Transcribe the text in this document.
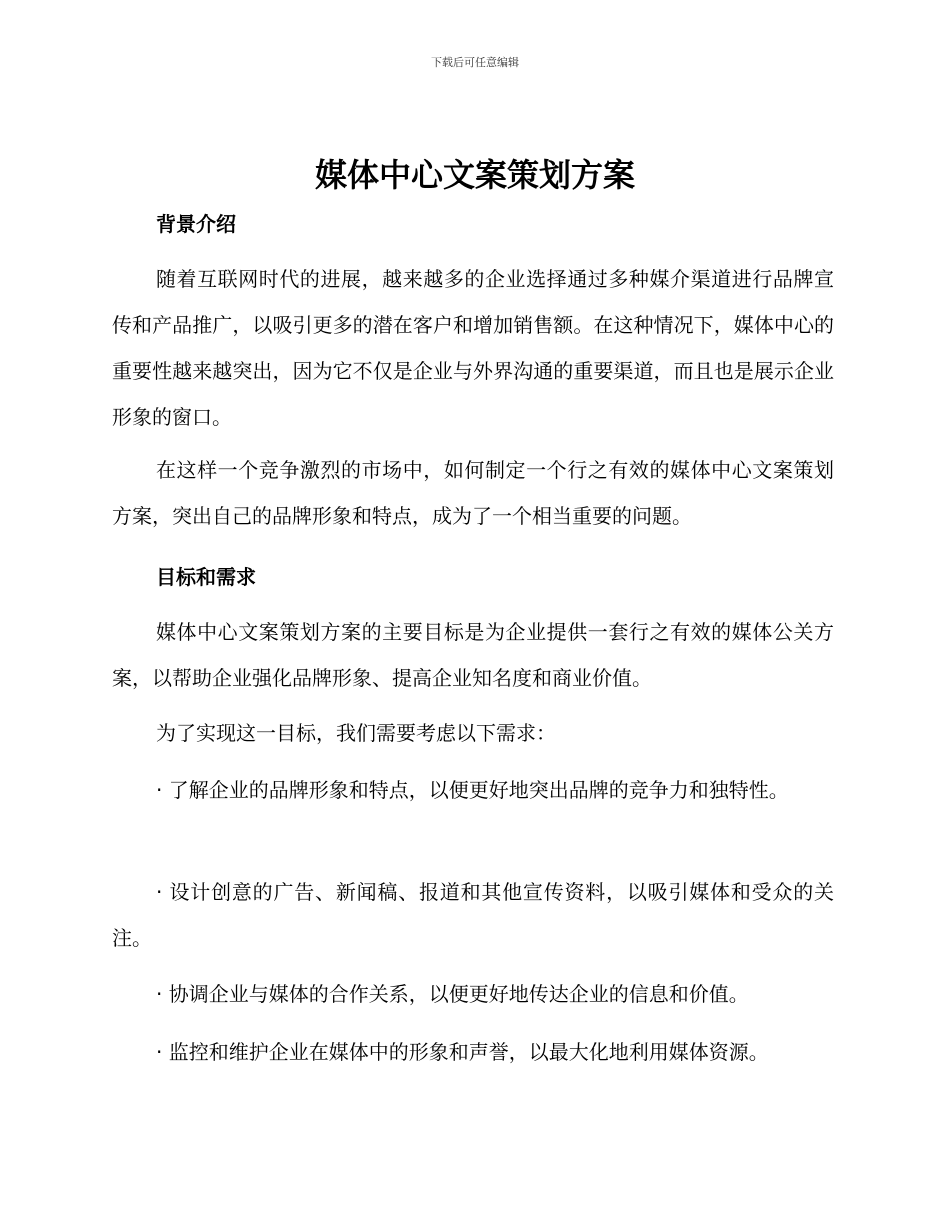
下载后可任意编辑
媒体中心文案策划方案
背景介绍
随着互联网时代的进展，越来越多的企业选择通过多种媒介渠道进行品牌宣传和产品推广，以吸引更多的潜在客户和增加销售额。在这种情况下，媒体中心的重要性越来越突出，因为它不仅是企业与外界沟通的重要渠道，而且也是展示企业形象的窗口。
在这样一个竞争激烈的市场中，如何制定一个行之有效的媒体中心文案策划方案，突出自己的品牌形象和特点，成为了一个相当重要的问题。
目标和需求
媒体中心文案策划方案的主要目标是为企业提供一套行之有效的媒体公关方案，以帮助企业强化品牌形象、提高企业知名度和商业价值。
为了实现这一目标，我们需要考虑以下需求：
· 了解企业的品牌形象和特点，以便更好地突出品牌的竞争力和独特性。
· 设计创意的广告、新闻稿、报道和其他宣传资料，以吸引媒体和受众的关注。
· 协调企业与媒体的合作关系，以便更好地传达企业的信息和价值。
· 监控和维护企业在媒体中的形象和声誉，以最大化地利用媒体资源。
